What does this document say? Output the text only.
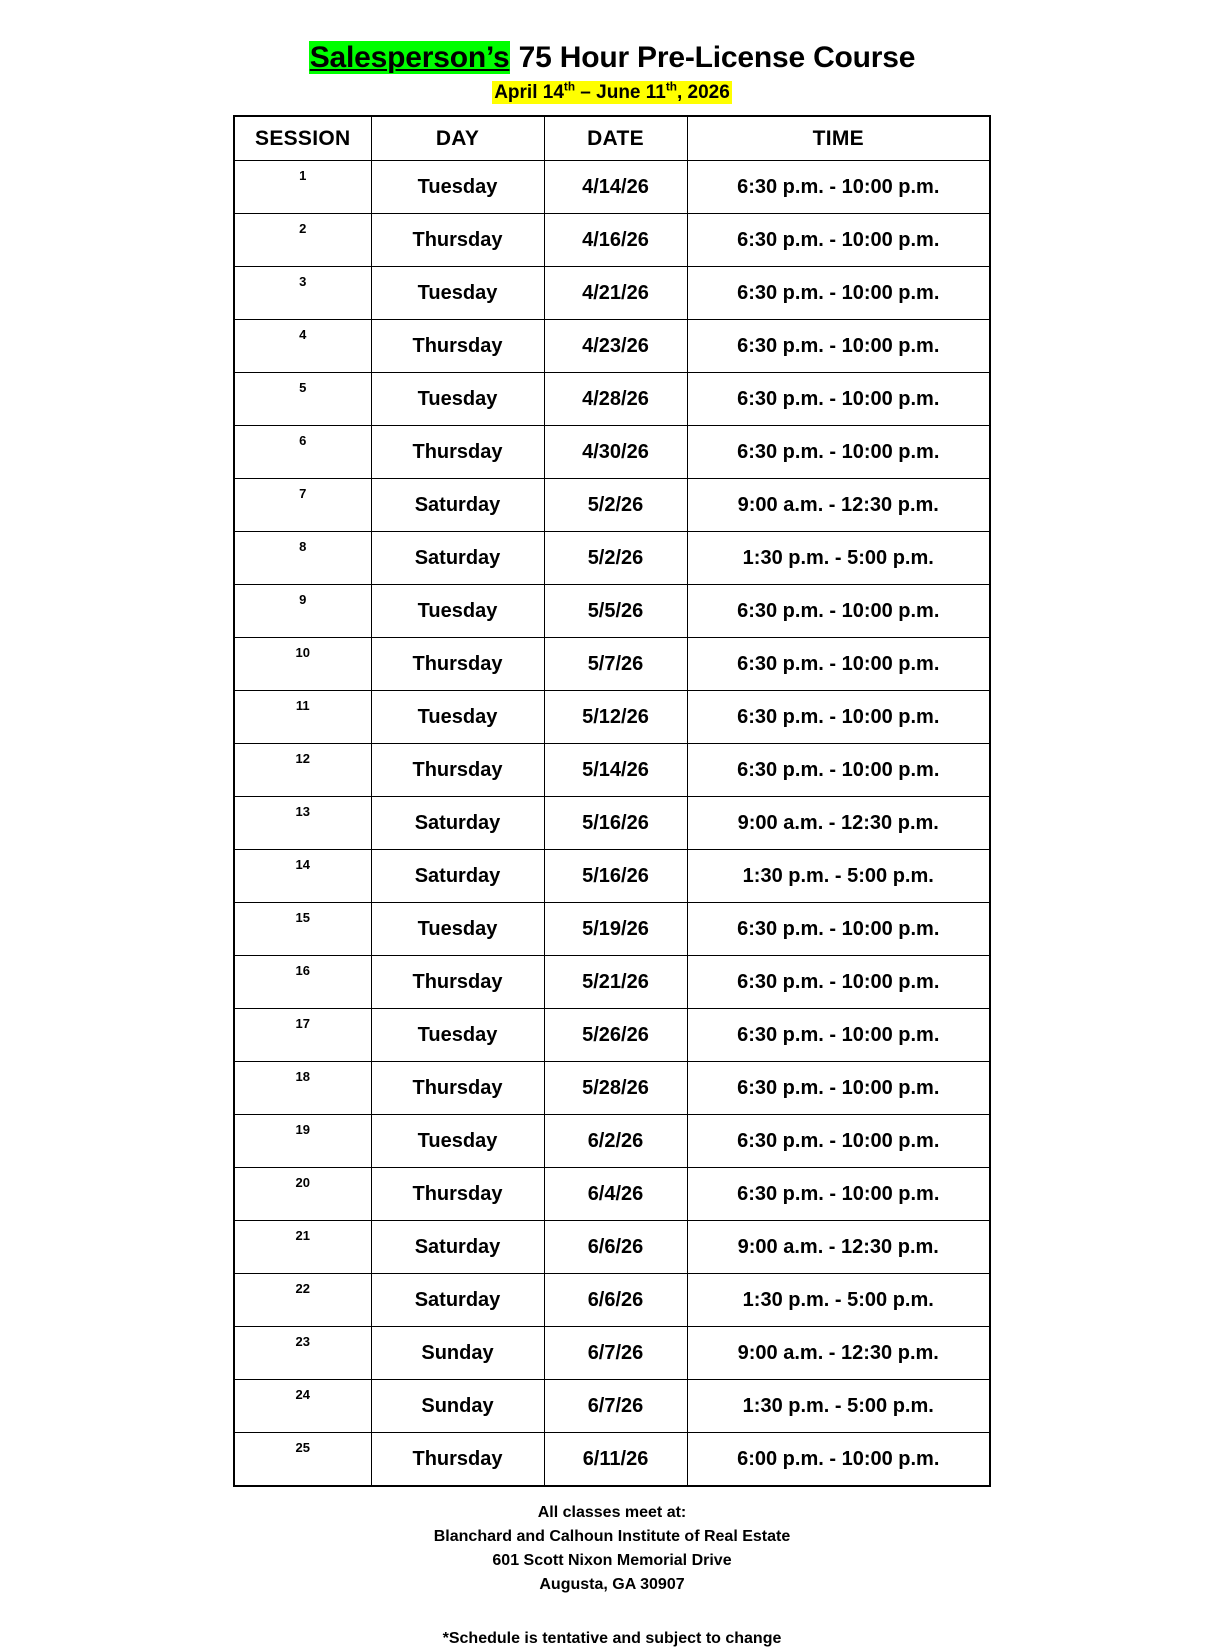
Salesperson’s 75 Hour Pre-License Course
April 14th – June 11th, 2026
SESSION	DAY	DATE	TIME
1	Tuesday	4/14/26	6:30 p.m. - 10:00 p.m.
2	Thursday	4/16/26	6:30 p.m. - 10:00 p.m.
3	Tuesday	4/21/26	6:30 p.m. - 10:00 p.m.
4	Thursday	4/23/26	6:30 p.m. - 10:00 p.m.
5	Tuesday	4/28/26	6:30 p.m. - 10:00 p.m.
6	Thursday	4/30/26	6:30 p.m. - 10:00 p.m.
7	Saturday	5/2/26	9:00 a.m. - 12:30 p.m.
8	Saturday	5/2/26	1:30 p.m. - 5:00 p.m.
9	Tuesday	5/5/26	6:30 p.m. - 10:00 p.m.
10	Thursday	5/7/26	6:30 p.m. - 10:00 p.m.
11	Tuesday	5/12/26	6:30 p.m. - 10:00 p.m.
12	Thursday	5/14/26	6:30 p.m. - 10:00 p.m.
13	Saturday	5/16/26	9:00 a.m. - 12:30 p.m.
14	Saturday	5/16/26	1:30 p.m. - 5:00 p.m.
15	Tuesday	5/19/26	6:30 p.m. - 10:00 p.m.
16	Thursday	5/21/26	6:30 p.m. - 10:00 p.m.
17	Tuesday	5/26/26	6:30 p.m. - 10:00 p.m.
18	Thursday	5/28/26	6:30 p.m. - 10:00 p.m.
19	Tuesday	6/2/26	6:30 p.m. - 10:00 p.m.
20	Thursday	6/4/26	6:30 p.m. - 10:00 p.m.
21	Saturday	6/6/26	9:00 a.m. - 12:30 p.m.
22	Saturday	6/6/26	1:30 p.m. - 5:00 p.m.
23	Sunday	6/7/26	9:00 a.m. - 12:30 p.m.
24	Sunday	6/7/26	1:30 p.m. - 5:00 p.m.
25	Thursday	6/11/26	6:00 p.m. - 10:00 p.m.
All classes meet at:
Blanchard and Calhoun Institute of Real Estate
601 Scott Nixon Memorial Drive
Augusta, GA 30907
*Schedule is tentative and subject to change
